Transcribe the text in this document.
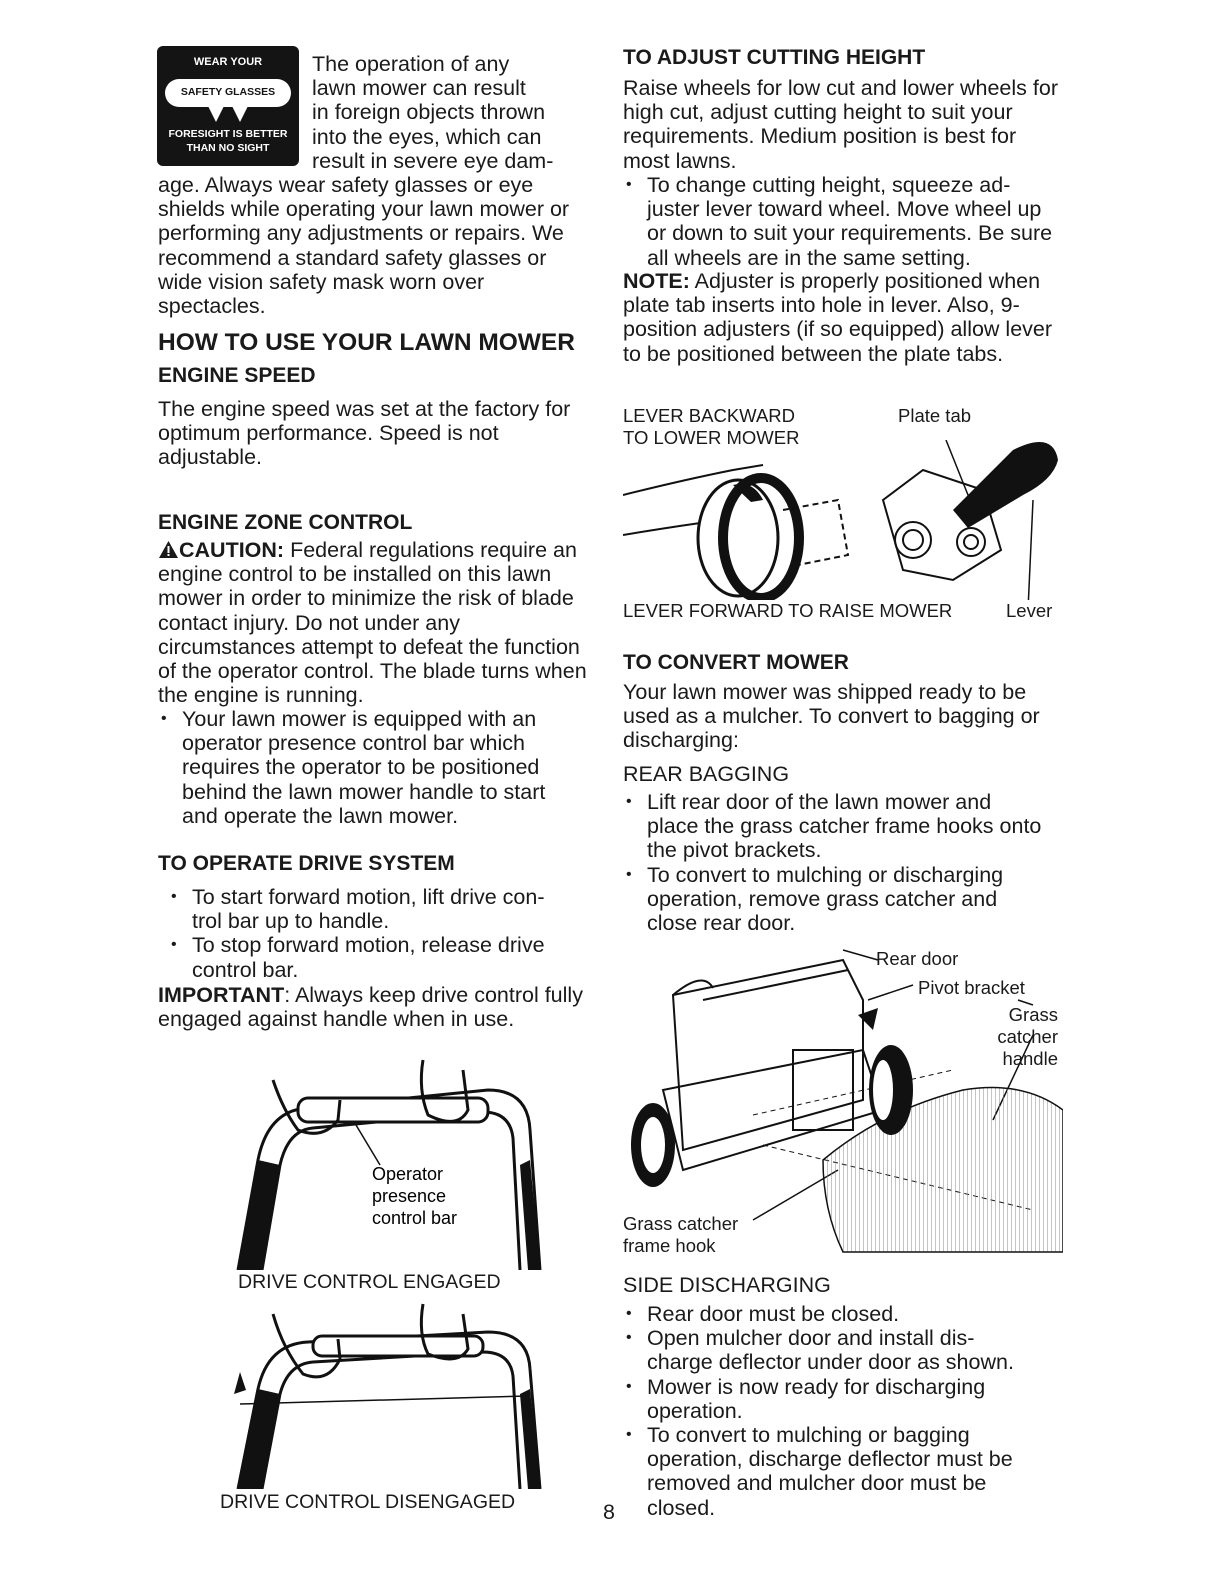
WEAR YOUR
SAFETY GLASSES
FORESIGHT IS BETTER
THAN NO SIGHT
The operation of any
lawn mower can result
in foreign objects thrown
into the eyes, which can
result in severe eye dam-
age. Always wear safety glasses or eye shields while operating your lawn mower or performing any adjustments or repairs. We recommend a standard safety glasses or wide vision safety mask worn over spectacles.
HOW TO USE YOUR LAWN MOWER
ENGINE SPEED
The engine speed was set at the factory for optimum performance. Speed is not adjustable.
ENGINE ZONE CONTROL
CAUTION: Federal regulations require an engine control to be installed on this lawn mower in order to minimize the risk of blade contact injury. Do not under any circumstances attempt to defeat the function of the operator control. The blade turns when the engine is running.
• Your lawn mower is equipped with an operator presence control bar which requires the operator to be positioned behind the lawn mower handle to start and operate the lawn mower.
TO OPERATE DRIVE SYSTEM
• To start forward motion, lift drive con- trol bar up to handle.
• To stop forward motion, release drive control bar.
IMPORTANT: Always keep drive control fully engaged against handle when in use.
Operator
presence
control bar
DRIVE CONTROL ENGAGED
DRIVE CONTROL DISENGAGED	8
TO ADJUST CUTTING HEIGHT
Raise wheels for low cut and lower wheels for high cut, adjust cutting height to suit your requirements. Medium position is best for most lawns.
• To change cutting height, squeeze ad- juster lever toward wheel. Move wheel up or down to suit your requirements. Be sure all wheels are in the same setting.
NOTE: Adjuster is properly positioned when plate tab inserts into hole in lever. Also, 9-position adjusters (if so equipped) allow lever to be positioned between the plate tabs.
LEVER BACKWARD
TO LOWER MOWER
Plate tab
LEVER FORWARD TO RAISE MOWER	Lever
TO CONVERT MOWER
Your lawn mower was shipped ready to be used as a mulcher. To convert to bagging or discharging:
REAR BAGGING
• Lift rear door of the lawn mower and place the grass catcher frame hooks onto the pivot brackets.
• To convert to mulching or discharging operation, remove grass catcher and close rear door.
Rear door
Pivot bracket
Grass
catcher
handle
Grass catcher
frame hook
SIDE DISCHARGING
• Rear door must be closed.
• Open mulcher door and install dis- charge deflector under door as shown.
• Mower is now ready for discharging operation.
• To convert to mulching or bagging operation, discharge deflector must be removed and mulcher door must be closed.
